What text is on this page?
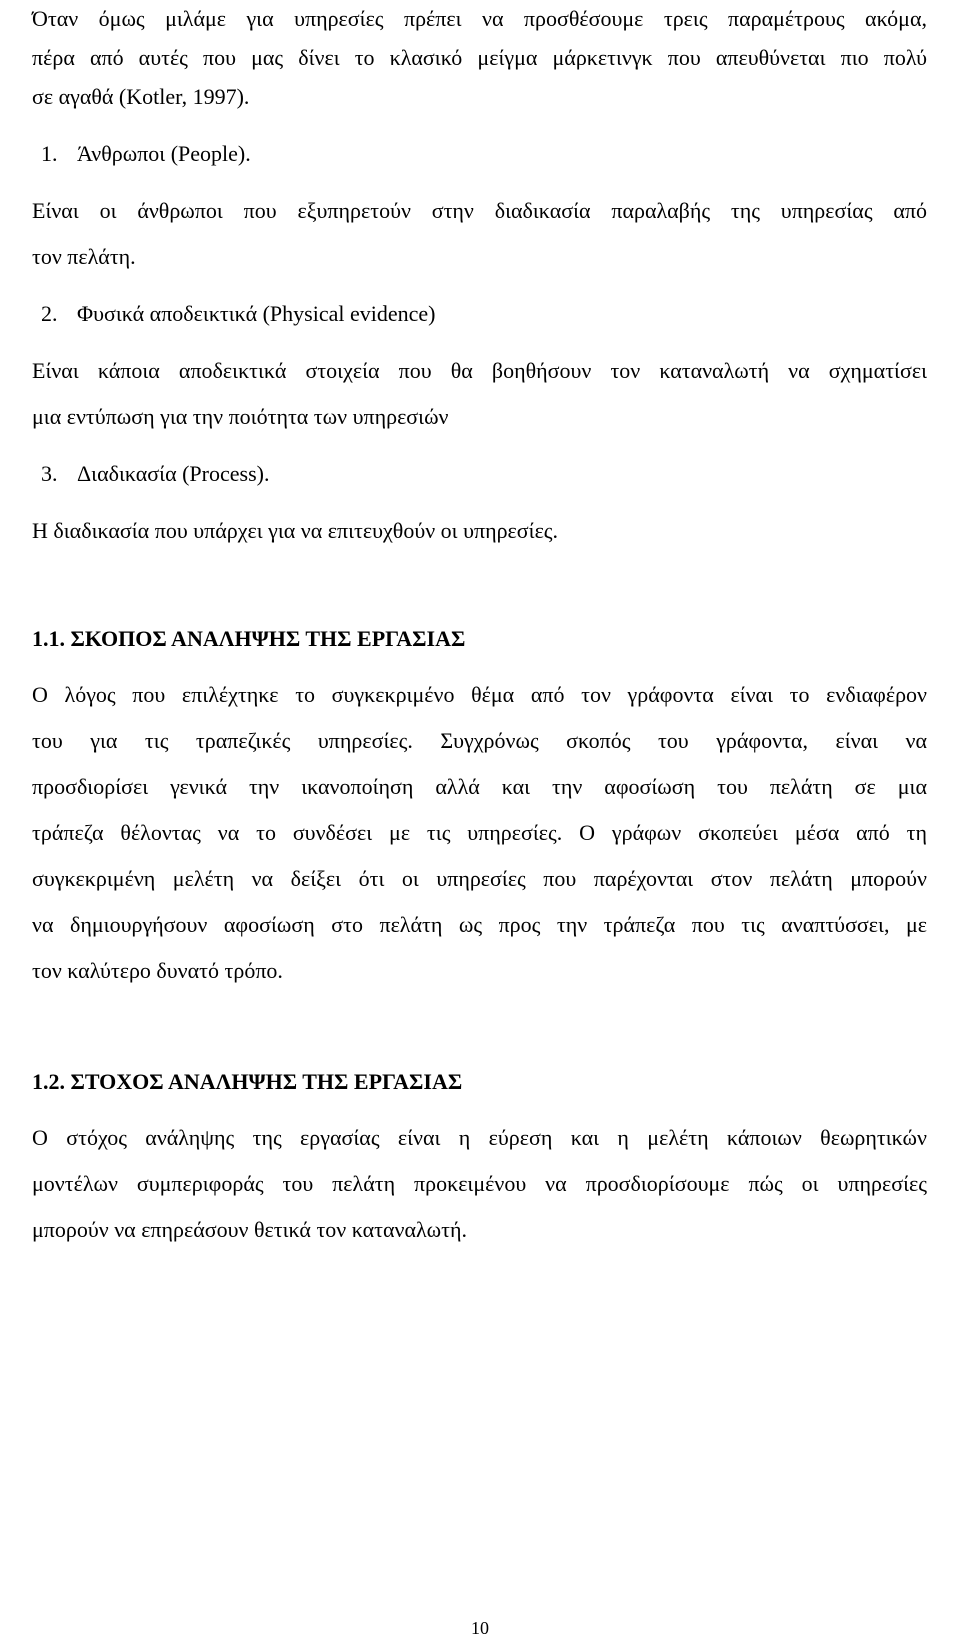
Όταν όμως μιλάμε για υπηρεσίες πρέπει να προσθέσουμε τρεις παραμέτρους ακόμα,

πέρα από αυτές που μας δίνει το κλασικό μείγμα μάρκετινγκ που απευθύνεται πιο πολύ

σε αγαθά (Kotler, 1997).

1. Άνθρωποι (People).

Είναι οι άνθρωποι που εξυπηρετούν στην διαδικασία παραλαβής της υπηρεσίας από

τον πελάτη.

2. Φυσικά αποδεικτικά (Physical evidence)

Είναι κάποια αποδεικτικά στοιχεία που θα βοηθήσουν τον καταναλωτή να σχηματίσει

μια εντύπωση για την ποιότητα των υπηρεσιών

3. Διαδικασία (Process).

Η διαδικασία που υπάρχει για να επιτευχθούν οι υπηρεσίες.

1.1. ΣΚΟΠΟΣ ΑΝΑΛΗΨΗΣ ΤΗΣ ΕΡΓΑΣΙΑΣ

Ο λόγος που επιλέχτηκε το συγκεκριμένο θέμα από τον γράφοντα είναι το ενδιαφέρον

του για τις τραπεζικές υπηρεσίες. Συγχρόνως σκοπός του γράφοντα, είναι να

προσδιορίσει γενικά την ικανοποίηση αλλά και την αφοσίωση του πελάτη σε μια

τράπεζα θέλοντας να το συνδέσει με τις υπηρεσίες. Ο γράφων σκοπεύει μέσα από τη

συγκεκριμένη μελέτη να δείξει ότι οι υπηρεσίες που παρέχονται στον πελάτη μπορούν

να δημιουργήσουν αφοσίωση στο πελάτη ως προς την τράπεζα που τις αναπτύσσει, με

τον καλύτερο δυνατό τρόπο.

1.2. ΣΤΟΧΟΣ ΑΝΑΛΗΨΗΣ ΤΗΣ ΕΡΓΑΣΙΑΣ

Ο στόχος ανάληψης της εργασίας είναι η εύρεση και η μελέτη κάποιων θεωρητικών

μοντέλων συμπεριφοράς του πελάτη προκειμένου να προσδιορίσουμε πώς οι υπηρεσίες

μπορούν να επηρεάσουν θετικά τον καταναλωτή.

10
